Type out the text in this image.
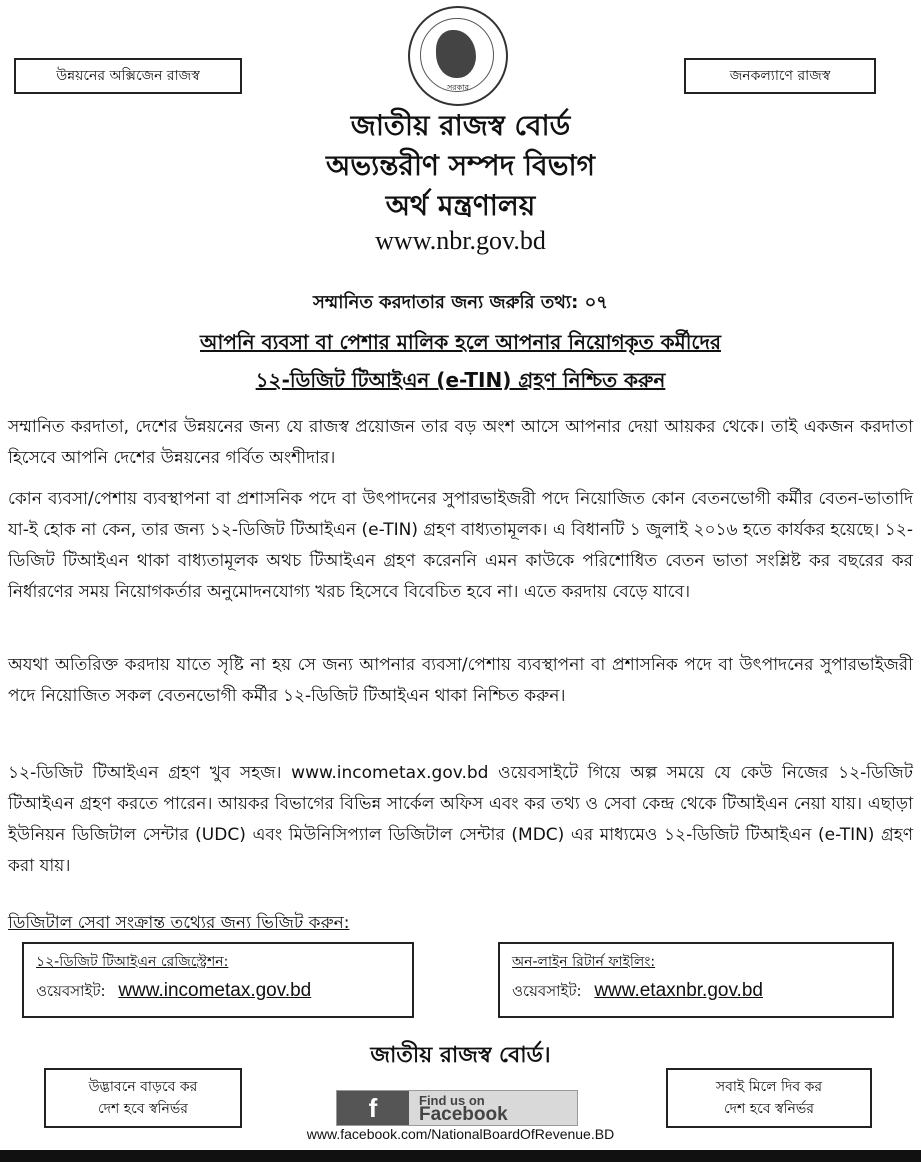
উন্নয়নের অক্সিজেন রাজস্ব	জনকল্যাণে রাজস্ব
সরকার
জাতীয় রাজস্ব বোর্ড
অভ্যন্তরীণ সম্পদ বিভাগ
অর্থ মন্ত্রণালয়
www.nbr.gov.bd
সম্মানিত করদাতার জন্য জরুরি তথ্য: ০৭
আপনি ব্যবসা বা পেশার মালিক হলে আপনার নিয়োগকৃত কর্মীদের
১২-ডিজিট টিআইএন (e-TIN) গ্রহণ নিশ্চিত করুন
সম্মানিত করদাতা, দেশের উন্নয়নের জন্য যে রাজস্ব প্রয়োজন তার বড় অংশ আসে আপনার দেয়া আয়কর থেকে। তাই একজন করদাতা হিসেবে আপনি দেশের উন্নয়নের গর্বিত অংশীদার।
কোন ব্যবসা/পেশায় ব্যবস্থাপনা বা প্রশাসনিক পদে বা উৎপাদনের সুপারভাইজরী পদে নিয়োজিত কোন বেতনভোগী কর্মীর বেতন-ভাতাদি যা-ই হোক না কেন, তার জন্য ১২-ডিজিট টিআইএন (e-TIN) গ্রহণ বাধ্যতামূলক। এ বিধানটি ১ জুলাই ২০১৬ হতে কার্যকর হয়েছে। ১২-ডিজিট টিআইএন থাকা বাধ্যতামূলক অথচ টিআইএন গ্রহণ করেননি এমন কাউকে পরিশোধিত বেতন ভাতা সংশ্লিষ্ট কর বছরের কর নির্ধারণের সময় নিয়োগকর্তার অনুমোদনযোগ্য খরচ হিসেবে বিবেচিত হবে না। এতে করদায় বেড়ে যাবে।
অযথা অতিরিক্ত করদায় যাতে সৃষ্টি না হয় সে জন্য আপনার ব্যবসা/পেশায় ব্যবস্থাপনা বা প্রশাসনিক পদে বা উৎপাদনের সুপারভাইজরী পদে নিয়োজিত সকল বেতনভোগী কর্মীর ১২-ডিজিট টিআইএন থাকা নিশ্চিত করুন।
১২-ডিজিট টিআইএন গ্রহণ খুব সহজ। www.incometax.gov.bd ওয়েবসাইটে গিয়ে অল্প সময়ে যে কেউ নিজের ১২-ডিজিট টিআইএন গ্রহণ করতে পারেন। আয়কর বিভাগের বিভিন্ন সার্কেল অফিস এবং কর তথ্য ও সেবা কেন্দ্র থেকে টিআইএন নেয়া যায়। এছাড়া ইউনিয়ন ডিজিটাল সেন্টার (UDC) এবং মিউনিসিপ্যাল ডিজিটাল সেন্টার (MDC) এর মাধ্যমেও ১২-ডিজিট টিআইএন (e-TIN) গ্রহণ করা যায়।
ডিজিটাল সেবা সংক্রান্ত তথ্যের জন্য ভিজিট করুন:
১২-ডিজিট টিআইএন রেজিস্ট্রেশন:
ওয়েবসাইট: www.incometax.gov.bd
অন-লাইন রিটার্ন ফাইলিং:
ওয়েবসাইট: www.etaxnbr.gov.bd
জাতীয় রাজস্ব বোর্ড।
উদ্ভাবনে বাড়বে কর
দেশ হবে স্বনির্ভর
সবাই মিলে দিব কর
দেশ হবে স্বনির্ভর
f	Find us on
Facebook
www.facebook.com/NationalBoardOfRevenue.BD
